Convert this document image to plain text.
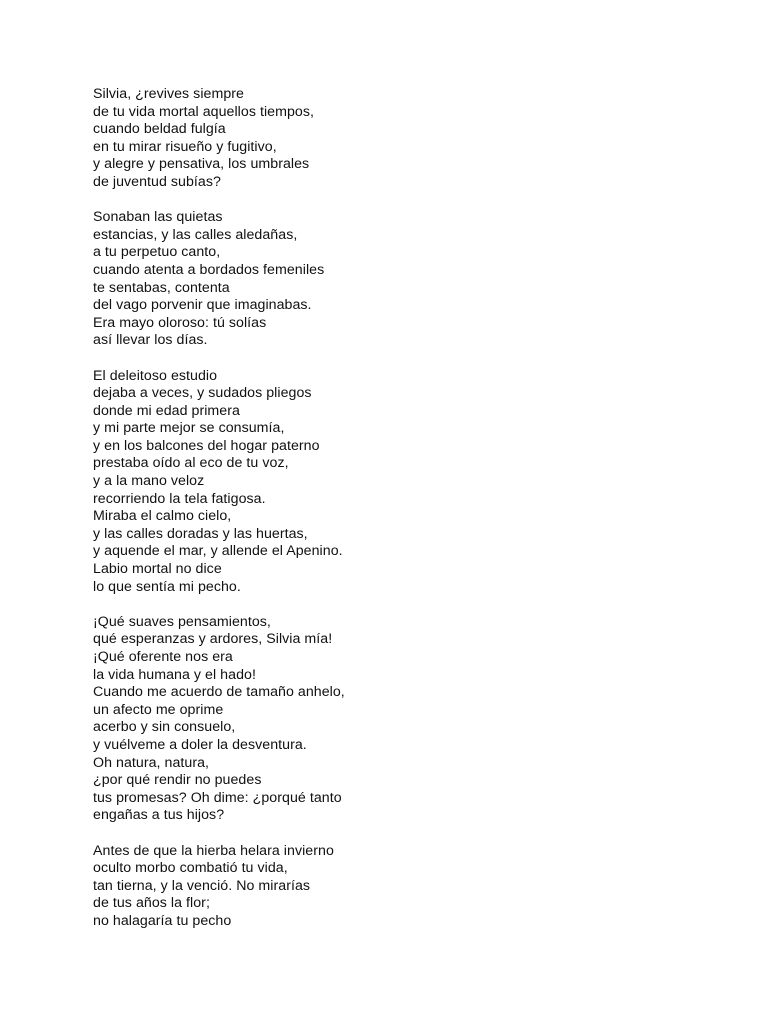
Silvia, ¿revives siempre
de tu vida mortal aquellos tiempos,
cuando beldad fulgía
en tu mirar risueño y fugitivo,
y alegre y pensativa, los umbrales
de juventud subías?
Sonaban las quietas
estancias, y las calles aledañas,
a tu perpetuo canto,
cuando atenta a bordados femeniles
te sentabas, contenta
del vago porvenir que imaginabas.
Era mayo oloroso: tú solías
así llevar los días.
El deleitoso estudio
dejaba a veces, y sudados pliegos
donde mi edad primera
y mi parte mejor se consumía,
y en los balcones del hogar paterno
prestaba oído al eco de tu voz,
y a la mano veloz
recorriendo la tela fatigosa.
Miraba el calmo cielo,
y las calles doradas y las huertas,
y aquende el mar, y allende el Apenino.
Labio mortal no dice
lo que sentía mi pecho.
¡Qué suaves pensamientos,
qué esperanzas y ardores, Silvia mía!
¡Qué oferente nos era
la vida humana y el hado!
Cuando me acuerdo de tamaño anhelo,
un afecto me oprime
acerbo y sin consuelo,
y vuélveme a doler la desventura.
Oh natura, natura,
¿por qué rendir no puedes
tus promesas? Oh dime: ¿porqué tanto
engañas a tus hijos?
Antes de que la hierba helara invierno
oculto morbo combatió tu vida,
tan tierna, y la venció. No mirarías
de tus años la flor;
no halagaría tu pecho
